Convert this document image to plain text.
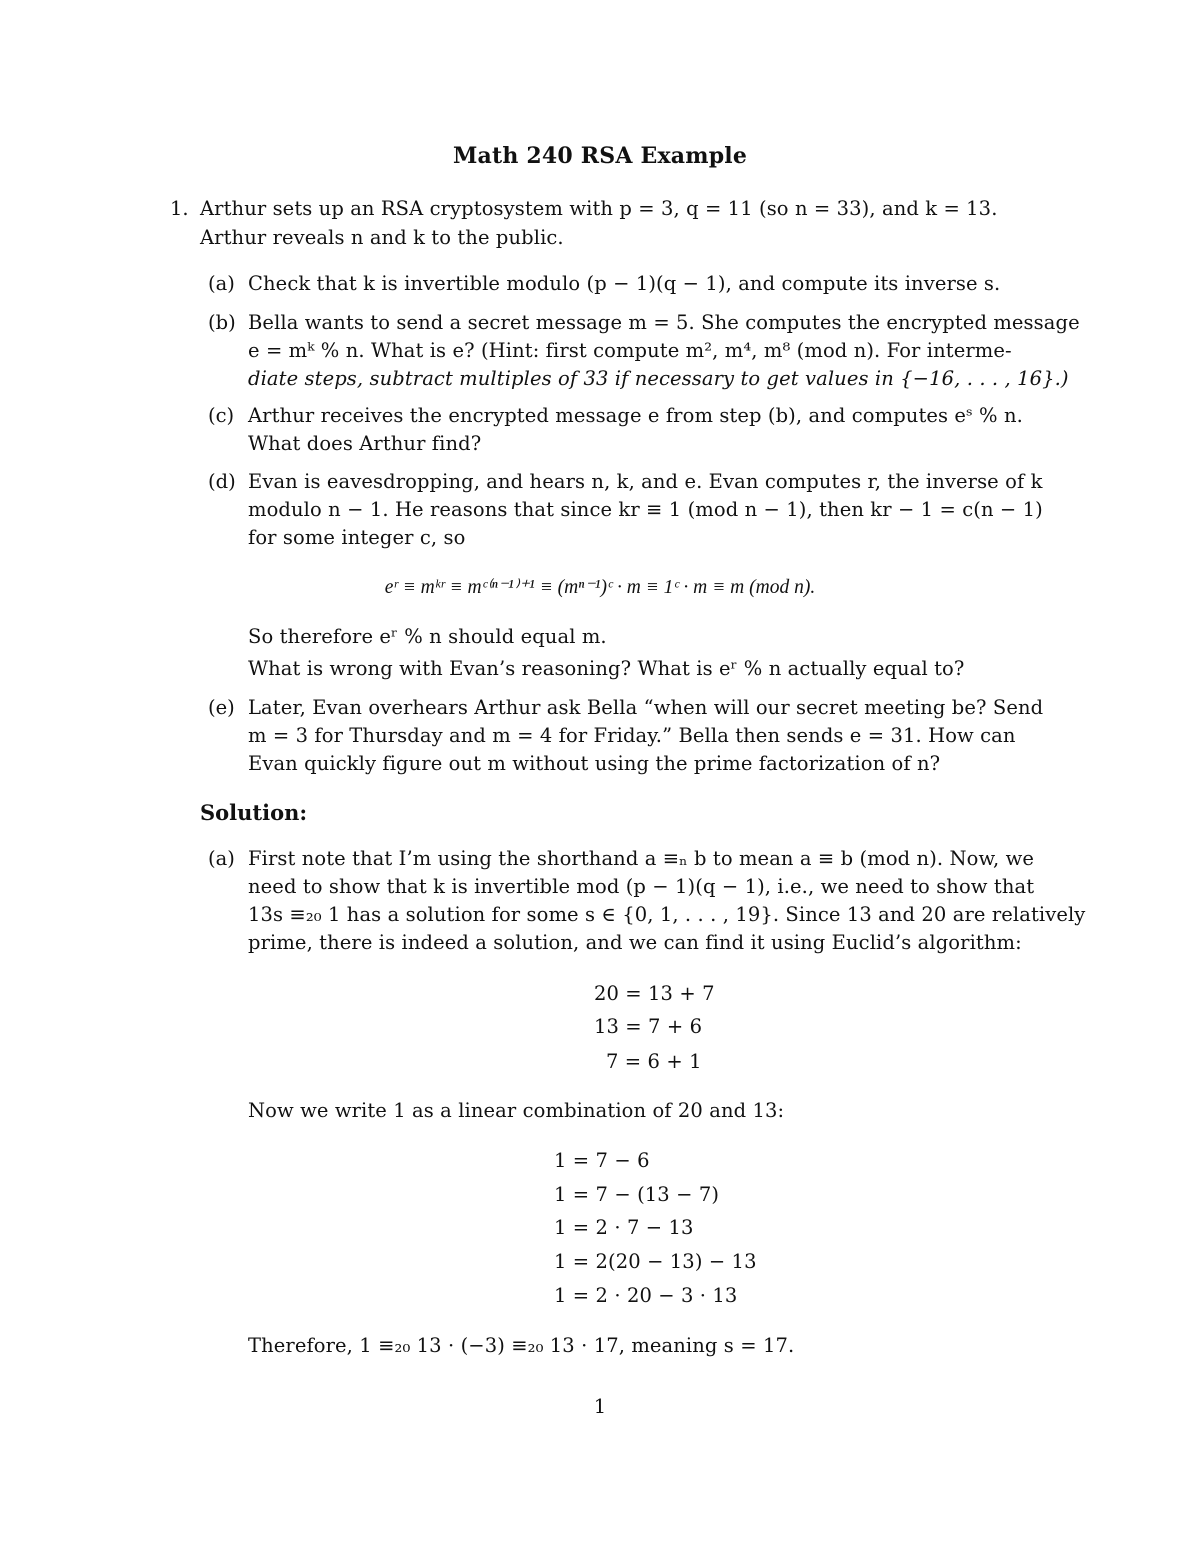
Math 240 RSA Example
1. Arthur sets up an RSA cryptosystem with p = 3, q = 11 (so n = 33), and k = 13.
Arthur reveals n and k to the public.
(a) Check that k is invertible modulo (p − 1)(q − 1), and compute its inverse s.
(b) Bella wants to send a secret message m = 5. She computes the encrypted message
e = mᵏ % n. What is e? (Hint: first compute m², m⁴, m⁸ (mod n). For interme-
diate steps, subtract multiples of 33 if necessary to get values in {−16, . . . , 16}.)
(c) Arthur receives the encrypted message e from step (b), and computes eˢ % n.
What does Arthur find?
(d) Evan is eavesdropping, and hears n, k, and e. Evan computes r, the inverse of k
modulo n − 1. He reasons that since kr ≡ 1 (mod n − 1), then kr − 1 = c(n − 1)
for some integer c, so
eʳ ≡ mᵏʳ ≡ mᶜ⁽ⁿ⁻¹⁾⁺¹ ≡ (mⁿ⁻¹)ᶜ · m ≡ 1ᶜ · m ≡ m (mod n).
So therefore eʳ % n should equal m.
What is wrong with Evan’s reasoning? What is eʳ % n actually equal to?
(e) Later, Evan overhears Arthur ask Bella “when will our secret meeting be? Send
m = 3 for Thursday and m = 4 for Friday.” Bella then sends e = 31. How can
Evan quickly figure out m without using the prime factorization of n?
Solution:
(a) First note that I’m using the shorthand a ≡ₙ b to mean a ≡ b (mod n). Now, we
need to show that k is invertible mod (p − 1)(q − 1), i.e., we need to show that
13s ≡₂₀ 1 has a solution for some s ∈ {0, 1, . . . , 19}. Since 13 and 20 are relatively
prime, there is indeed a solution, and we can find it using Euclid’s algorithm:
20 = 13 + 7
13 = 7 + 6
7 = 6 + 1
Now we write 1 as a linear combination of 20 and 13:
1 = 7 − 6
1 = 7 − (13 − 7)
1 = 2 · 7 − 13
1 = 2(20 − 13) − 13
1 = 2 · 20 − 3 · 13
Therefore, 1 ≡₂₀ 13 · (−3) ≡₂₀ 13 · 17, meaning s = 17.
1
